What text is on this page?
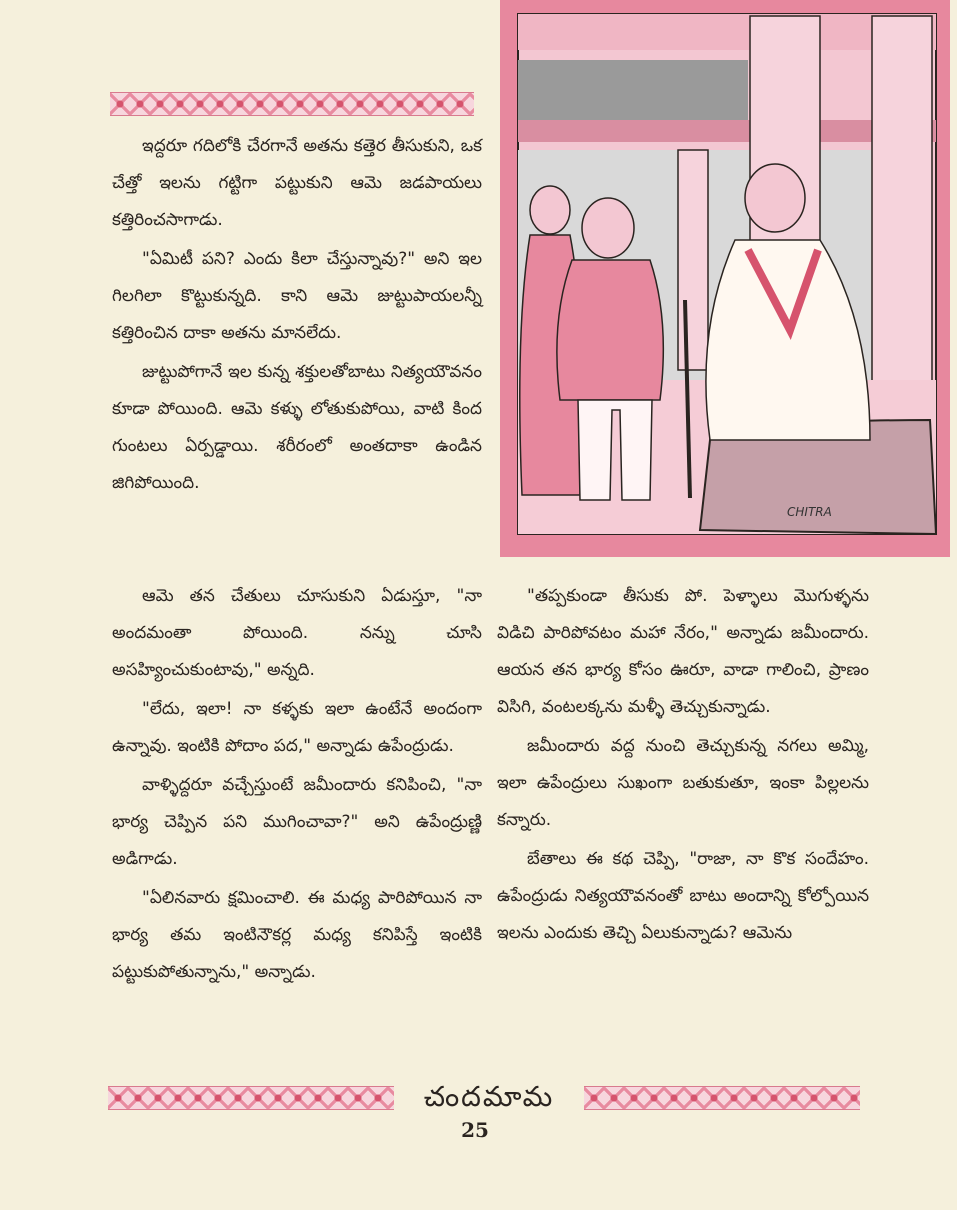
ఇద్దరూ గదిలోకి చేరగానే అతను కత్తెర తీసుకుని, ఒక చేత్తో ఇలను గట్టిగా పట్టుకుని ఆమె జడపాయలు కత్తిరించసాగాడు.

"ఏమిటీ పని? ఎందు కిలా చేస్తున్నావు?" అని ఇల గిలగిలా కొట్టుకున్నది. కాని ఆమె జుట్టుపాయలన్నీ కత్తిరించిన దాకా అతను మానలేదు.

జుట్టుపోగానే ఇల కున్న శక్తులతోబాటు నిత్యయౌవనం కూడా పోయింది. ఆమె కళ్ళు లోతుకుపోయి, వాటి కింద గుంటలు ఏర్పడ్డాయి. శరీరంలో అంతదాకా ఉండిన జిగిపోయింది.

CHITRA

ఆమె తన చేతులు చూసుకుని ఏడుస్తూ, "నా అందమంతా పోయింది. నన్ను చూసి అసహ్యించుకుంటావు," అన్నది.

"లేదు, ఇలా! నా కళ్ళకు ఇలా ఉంటేనే అందంగా ఉన్నావు. ఇంటికి పోదాం పద," అన్నాడు ఉపేంద్రుడు.

వాళ్ళిద్దరూ వచ్చేస్తుంటే జమీందారు కనిపించి, "నా భార్య చెప్పిన పని ముగించావా?" అని ఉపేంద్రుణ్ణి అడిగాడు.

"ఏలినవారు క్షమించాలి. ఈ మధ్య పారిపోయిన నా భార్య తమ ఇంటినౌకర్ల మధ్య కనిపిస్తే ఇంటికి పట్టుకుపోతున్నాను," అన్నాడు.

"తప్పకుండా తీసుకు పో. పెళ్ళాలు మొగుళ్ళను విడిచి పారిపోవటం మహా నేరం," అన్నాడు జమీందారు. ఆయన తన భార్య కోసం ఊరూ, వాడా గాలించి, ప్రాణం విసిగి, వంటలక్కను మళ్ళీ తెచ్చుకున్నాడు.

జమీందారు వద్ద నుంచి తెచ్చుకున్న నగలు అమ్మి, ఇలా ఉపేంద్రులు సుఖంగా బతుకుతూ, ఇంకా పిల్లలను కన్నారు.

బేతాలు ఈ కథ చెప్పి, "రాజా, నా కొక సందేహం. ఉపేంద్రుడు నిత్యయౌవనంతో బాటు అందాన్ని కోల్పోయిన ఇలను ఎందుకు తెచ్చి ఏలుకున్నాడు? ఆమెను

చందమామ
25
